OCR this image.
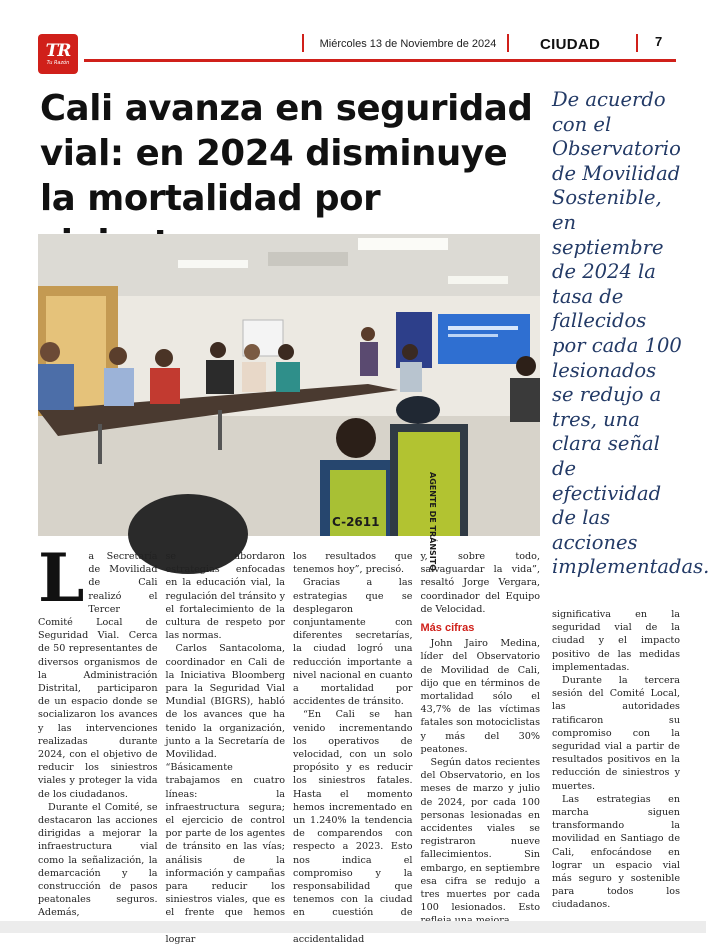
TR
Tu Razón
Miércoles 13 de Noviembre de 2024	CIUDAD	7
Cali avanza en seguridad vial: en 2024 disminuye la mortalidad por
De acuerdo con el Observatorio de Movilidad Sostenible, en septiembre de 2024 la tasa de fallecidos por cada 100 lesionados se redujo a tres, una clara señal de efectividad de las acciones implementadas.
C-2611	AGENTE DE TRÁNSITO

La Secretaría de Movilidad de Cali realizó el Tercer Comité Local de Seguridad Vial. Cerca de 50 representantes de diversos organismos de la Administración Distrital, participaron de un espacio donde se socializaron los avances y las intervenciones realizadas durante 2024, con el objetivo de reducir los siniestros viales y proteger la vida de los ciudadanos.

Durante el Comité, se destacaron las acciones dirigidas a mejorar la infraestructura vial como la señalización, la demarcación y la construcción de pasos peatonales seguros. Además,

se abordaron estrategias enfocadas en la educación vial, la regulación del tránsito y el fortalecimiento de la cultura de respeto por las normas.

Carlos Santacoloma, coordinador en Cali de la Iniciativa Bloomberg para la Seguridad Vial Mundial (BIGRS), habló de los avances que ha tenido la organización, junto a la Secretaría de Movilidad. “Básicamente trabajamos en cuatro líneas: la infraestructura segura; el ejercicio de control por parte de los agentes de tránsito en las vías; análisis de la información y campañas para reducir los siniestros viales, que es el frente que hemos lograr

los resultados que tenemos hoy”, precisó.

Gracias a las estrategias que se desplegaron conjuntamente con diferentes secretarías, la ciudad logró una reducción importante a nivel nacional en cuanto a mortalidad por accidentes de tránsito.

“En Cali se han venido incrementando los operativos de velocidad, con un solo propósito y es reducir los siniestros fatales. Hasta el momento hemos incrementado en un 1.240% la tendencia de comparendos con respecto a 2023. Esto nos indica el compromiso y la responsabilidad que tenemos con la ciudad en cuestión de accidentalidad

y, sobre todo, salvaguardar la vida”, resaltó Jorge Vergara, coordinador del Equipo de Velocidad.

Más cifras

John Jairo Medina, líder del Observatorio de Movilidad de Cali, dijo que en términos de mortalidad sólo el 43,7% de las víctimas fatales son motociclistas y más del 30% peatones.

Según datos recientes del Observatorio, en los meses de marzo y julio de 2024, por cada 100 personas lesionadas en accidentes viales se registraron nueve fallecimientos. Sin embargo, en septiembre esa cifra se redujo a tres muertes por cada 100 lesionados. Esto

significativa en la seguridad vial de la ciudad y el impacto positivo de las medidas implementadas.

Durante la tercera sesión del Comité Local, las autoridades ratificaron su compromiso con la seguridad vial a partir de resultados positivos en la reducción de siniestros y muertes.

Las estrategias en marcha siguen transformando la movilidad en Santiago de Cali, enfocándose en lograr un espacio vial más seguro y sostenible para todos los ciudadanos.
